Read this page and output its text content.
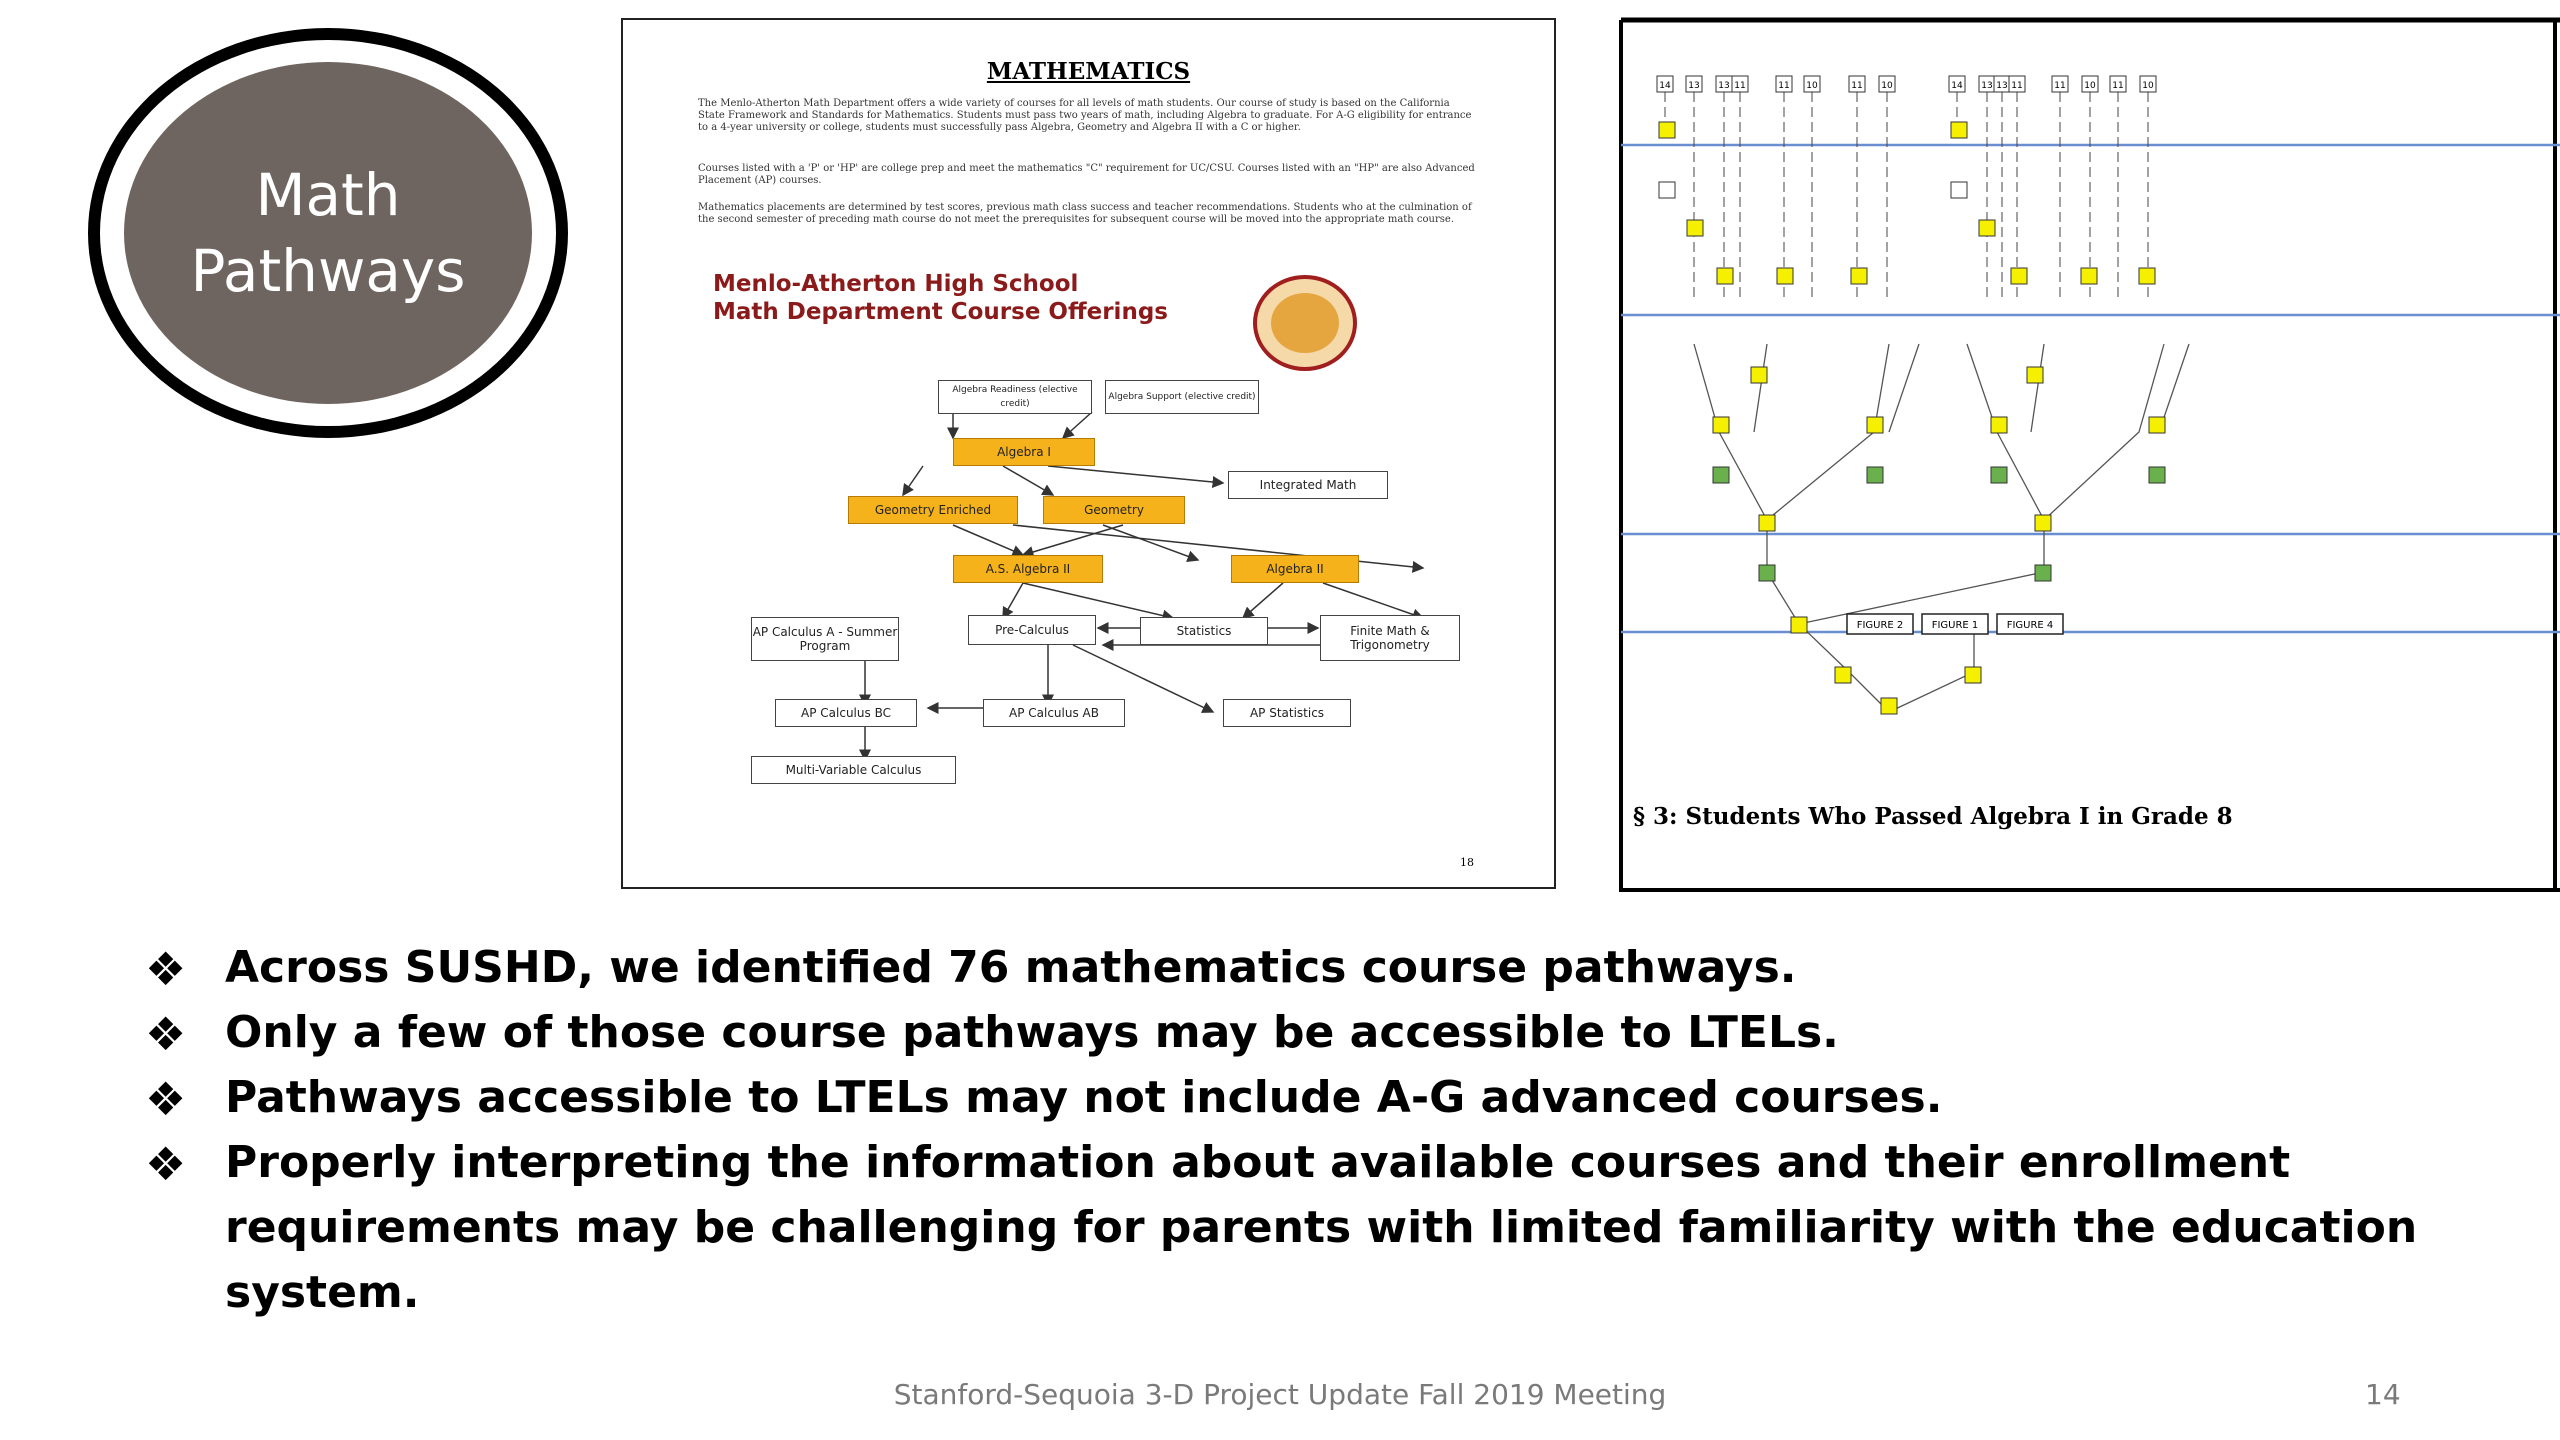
Math
Pathways
MATHEMATICS
The Menlo-Atherton Math Department offers a wide variety of courses for all levels of math students. Our course of study is based on the California State Framework and Standards for Mathematics. Students must pass two years of math, including Algebra to graduate. For A-G eligibility for entrance to a 4-year university or college, students must successfully pass Algebra, Geometry and Algebra II with a C or higher.
Courses listed with a 'P' or 'HP' are college prep and meet the mathematics "C" requirement for UC/CSU. Courses listed with an "HP" are also Advanced Placement (AP) courses.
Mathematics placements are determined by test scores, previous math class success and teacher recommendations. Students who at the culmination of the second semester of preceding math course do not meet the prerequisites for subsequent course will be moved into the appropriate math course.
Menlo-Atherton High School
Math Department Course Offerings
Algebra Readiness (elective credit)
Algebra Support (elective credit)
Algebra I
Integrated Math
Geometry Enriched	Geometry
A.S. Algebra II	Algebra II
AP Calculus A - Summer Program
Pre-Calculus	Statistics	Finite Math & Trigonometry
AP Calculus BC	AP Calculus AB	AP Statistics
Multi-Variable Calculus
18
14 13 13 11	11 10	11 10	14 13 13 11	11 10 11 10
FIGURE 2	FIGURE 1	FIGURE 4
§ 3: Students Who Passed Algebra I in Grade 8
❖ Across SUSHD, we identified 76 mathematics course pathways.
❖ Only a few of those course pathways may be accessible to LTELs.
❖ Pathways accessible to LTELs may not include A-G advanced courses.
❖ Properly interpreting the information about available courses and their enrollment requirements may be challenging for parents with limited familiarity with the education system.
Stanford-Sequoia 3-D Project Update Fall 2019 Meeting	14
